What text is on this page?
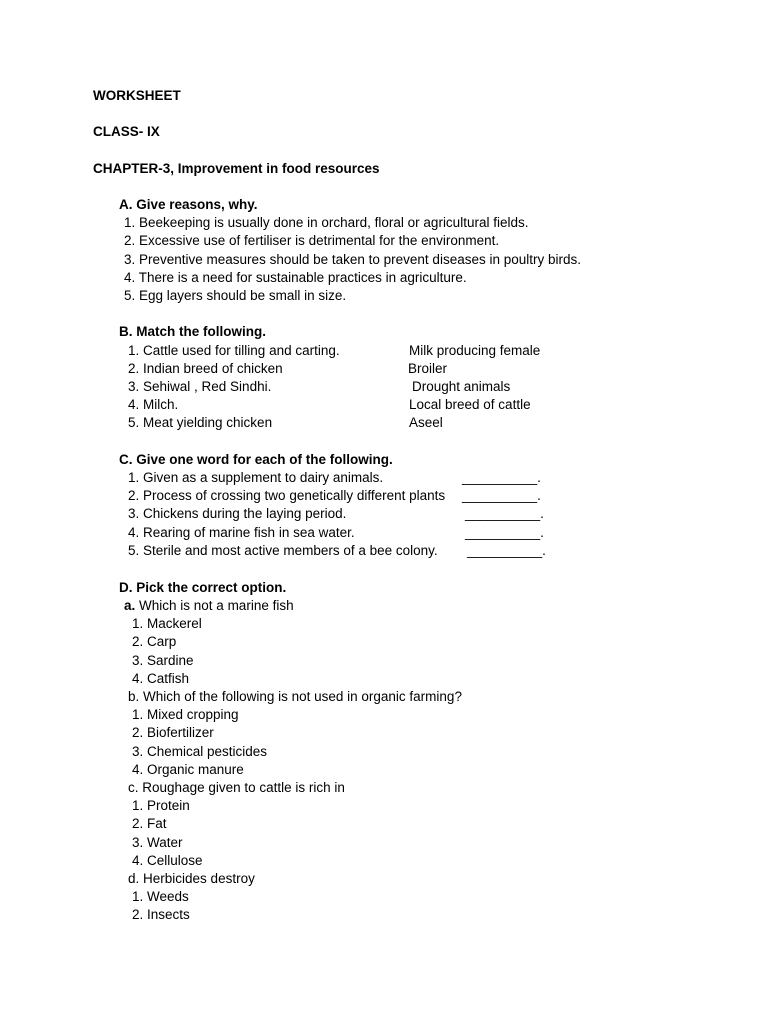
WORKSHEET
CLASS- IX
CHAPTER-3, Improvement in food resources
A. Give reasons, why.
1. Beekeeping is usually done in orchard, floral or agricultural fields.
2. Excessive use of fertiliser is detrimental for the environment.
3. Preventive measures should be taken to prevent diseases in poultry birds.
4. There is a need for sustainable practices in agriculture.
5. Egg layers should be small in size.
B. Match the following.
1. Cattle used for tilling and carting.
2. Indian breed of chicken
3. Sehiwal , Red Sindhi.
4. Milch.
5. Meat yielding chicken
Milk producing female
Broiler
Drought animals
Local breed of cattle
Aseel
C. Give one word for each of the following.
1. Given as a supplement to dairy animals.
2. Process of crossing two genetically different plants
3. Chickens during the laying period.
4. Rearing of marine fish in sea water.
5. Sterile and most active members of a bee colony.
__________.
__________.
__________.
__________.
__________.
D. Pick the correct option.
a. Which is not a marine fish
1. Mackerel
2. Carp
3. Sardine
4. Catfish
b. Which of the following is not used in organic farming?
1. Mixed cropping
2. Biofertilizer
3. Chemical pesticides
4. Organic manure
c. Roughage given to cattle is rich in
1. Protein
2. Fat
3. Water
4. Cellulose
d. Herbicides destroy
1. Weeds
2. Insects
